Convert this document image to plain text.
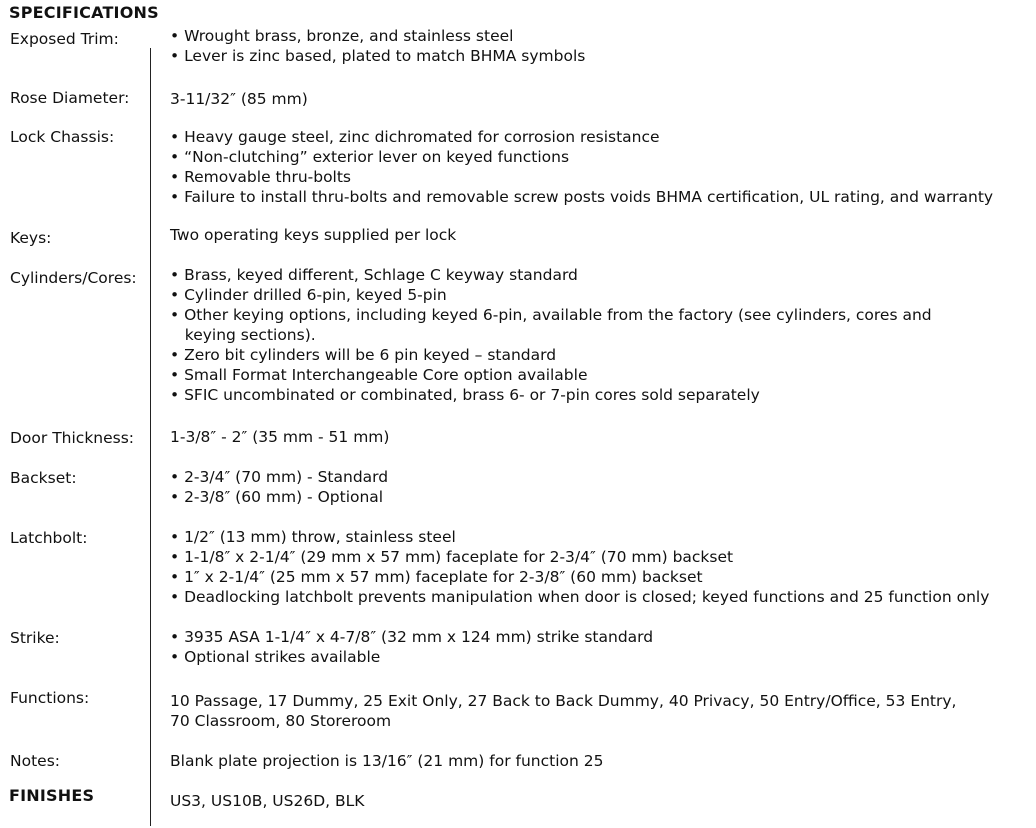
SPECIFICATIONS
Exposed Trim:	• Wrought brass, bronze, and stainless steel
• Lever is zinc based, plated to match BHMA symbols
Rose Diameter:	3-11/32″ (85 mm)
Lock Chassis:	• Heavy gauge steel, zinc dichromated for corrosion resistance
• “Non-clutching” exterior lever on keyed functions
• Removable thru-bolts
• Failure to install thru-bolts and removable screw posts voids BHMA certification, UL rating, and warranty
Keys:	Two operating keys supplied per lock
Cylinders/Cores: • Brass, keyed different, Schlage C keyway standard
• Cylinder drilled 6-pin, keyed 5-pin
• Other keying options, including keyed 6-pin, available from the factory (see cylinders, cores and
keying sections).
• Zero bit cylinders will be 6 pin keyed – standard
• Small Format Interchangeable Core option available
• SFIC uncombinated or combinated, brass 6- or 7-pin cores sold separately
Door Thickness: 1-3/8″ - 2″ (35 mm - 51 mm)
Backset:	• 2-3/4″ (70 mm) - Standard
• 2-3/8″ (60 mm) - Optional
Latchbolt:	• 1/2″ (13 mm) throw, stainless steel
• 1-1/8″ x 2-1/4″ (29 mm x 57 mm) faceplate for 2-3/4″ (70 mm) backset
• 1″ x 2-1/4″ (25 mm x 57 mm) faceplate for 2-3/8″ (60 mm) backset
• Deadlocking latchbolt prevents manipulation when door is closed; keyed functions and 25 function only
Strike:	• 3935 ASA 1-1/4″ x 4-7/8″ (32 mm x 124 mm) strike standard
• Optional strikes available
Functions:	10 Passage, 17 Dummy, 25 Exit Only, 27 Back to Back Dummy, 40 Privacy, 50 Entry/Office, 53 Entry, 70 Classroom, 80 Storeroom
Notes:	Blank plate projection is 13/16″ (21 mm) for function 25
FINISHES	US3, US10B, US26D, BLK
